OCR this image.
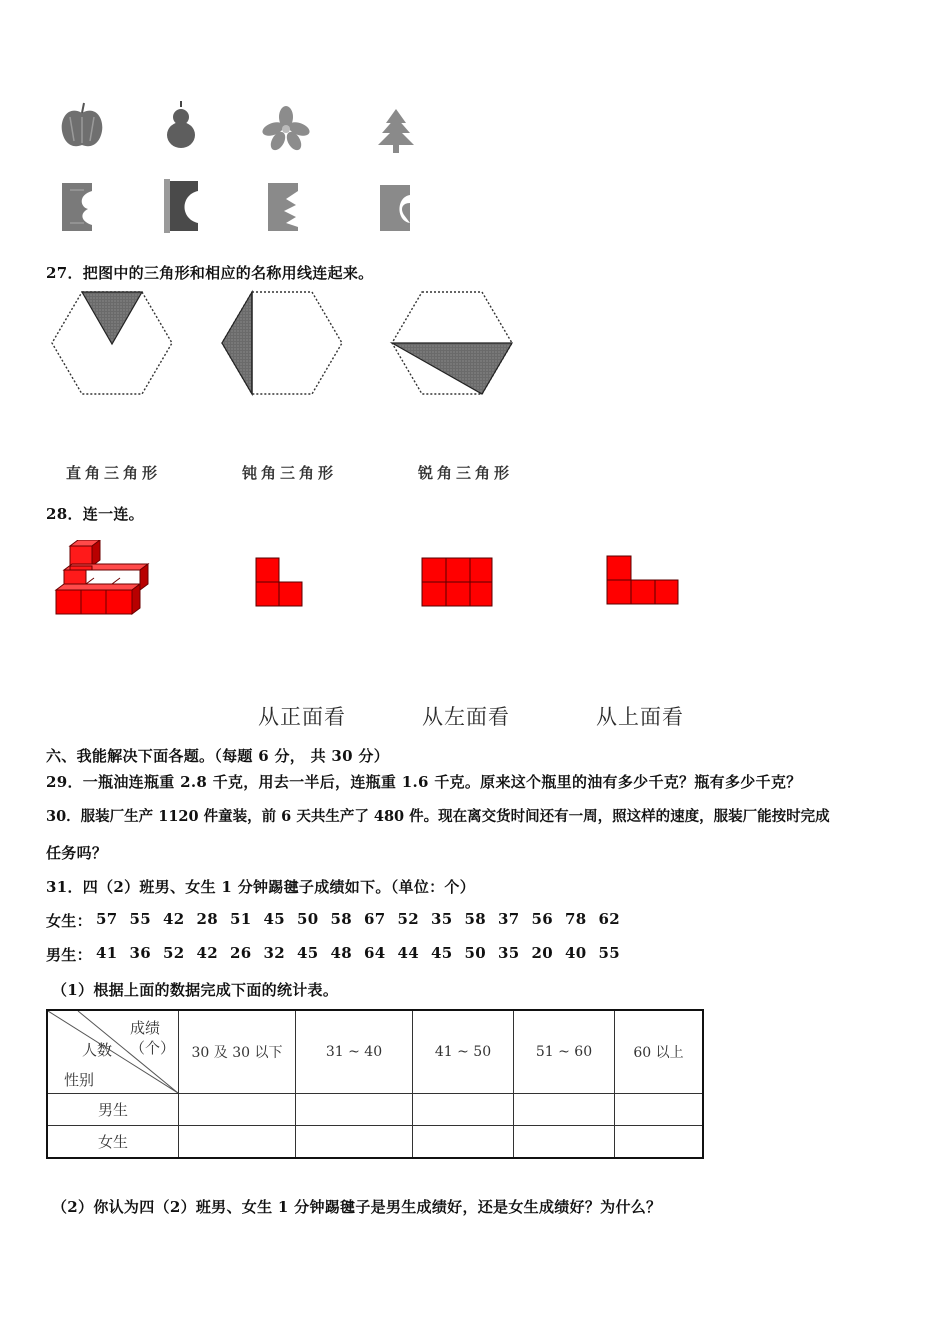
27．把图中的三角形和相应的名称用线连起来。
直角三角形	钝角三角形	锐角三角形
28．连一连。
从正面看	从左面看	从上面看
六、我能解决下面各题。（每题 6 分， 共 30 分）
29．一瓶油连瓶重 2.8 千克，用去一半后，连瓶重 1.6 千克。原来这个瓶里的油有多少千克？瓶有多少千克？
30．服装厂生产 1120 件童装，前 6 天共生产了 480 件。现在离交货时间还有一周，照这样的速度，服装厂能按时完成
任务吗？
31．四（2）班男、女生 1 分钟踢毽子成绩如下。（单位：个）
女生： 57 55 42 28 51 45 50 58 67 52 35 58 37 56 78 62
男生： 41 36 52 42 26 32 45 48 64 44 45 50 35 20 40 55
（1）根据上面的数据完成下面的统计表。
成绩
（个）
人数
性别	30 及 30 以下	31 ~ 40	41 ~ 50	51 ~ 60	60 以上
男生					
女生					
（2）你认为四（2）班男、女生 1 分钟踢毽子是男生成绩好，还是女生成绩好？为什么？
